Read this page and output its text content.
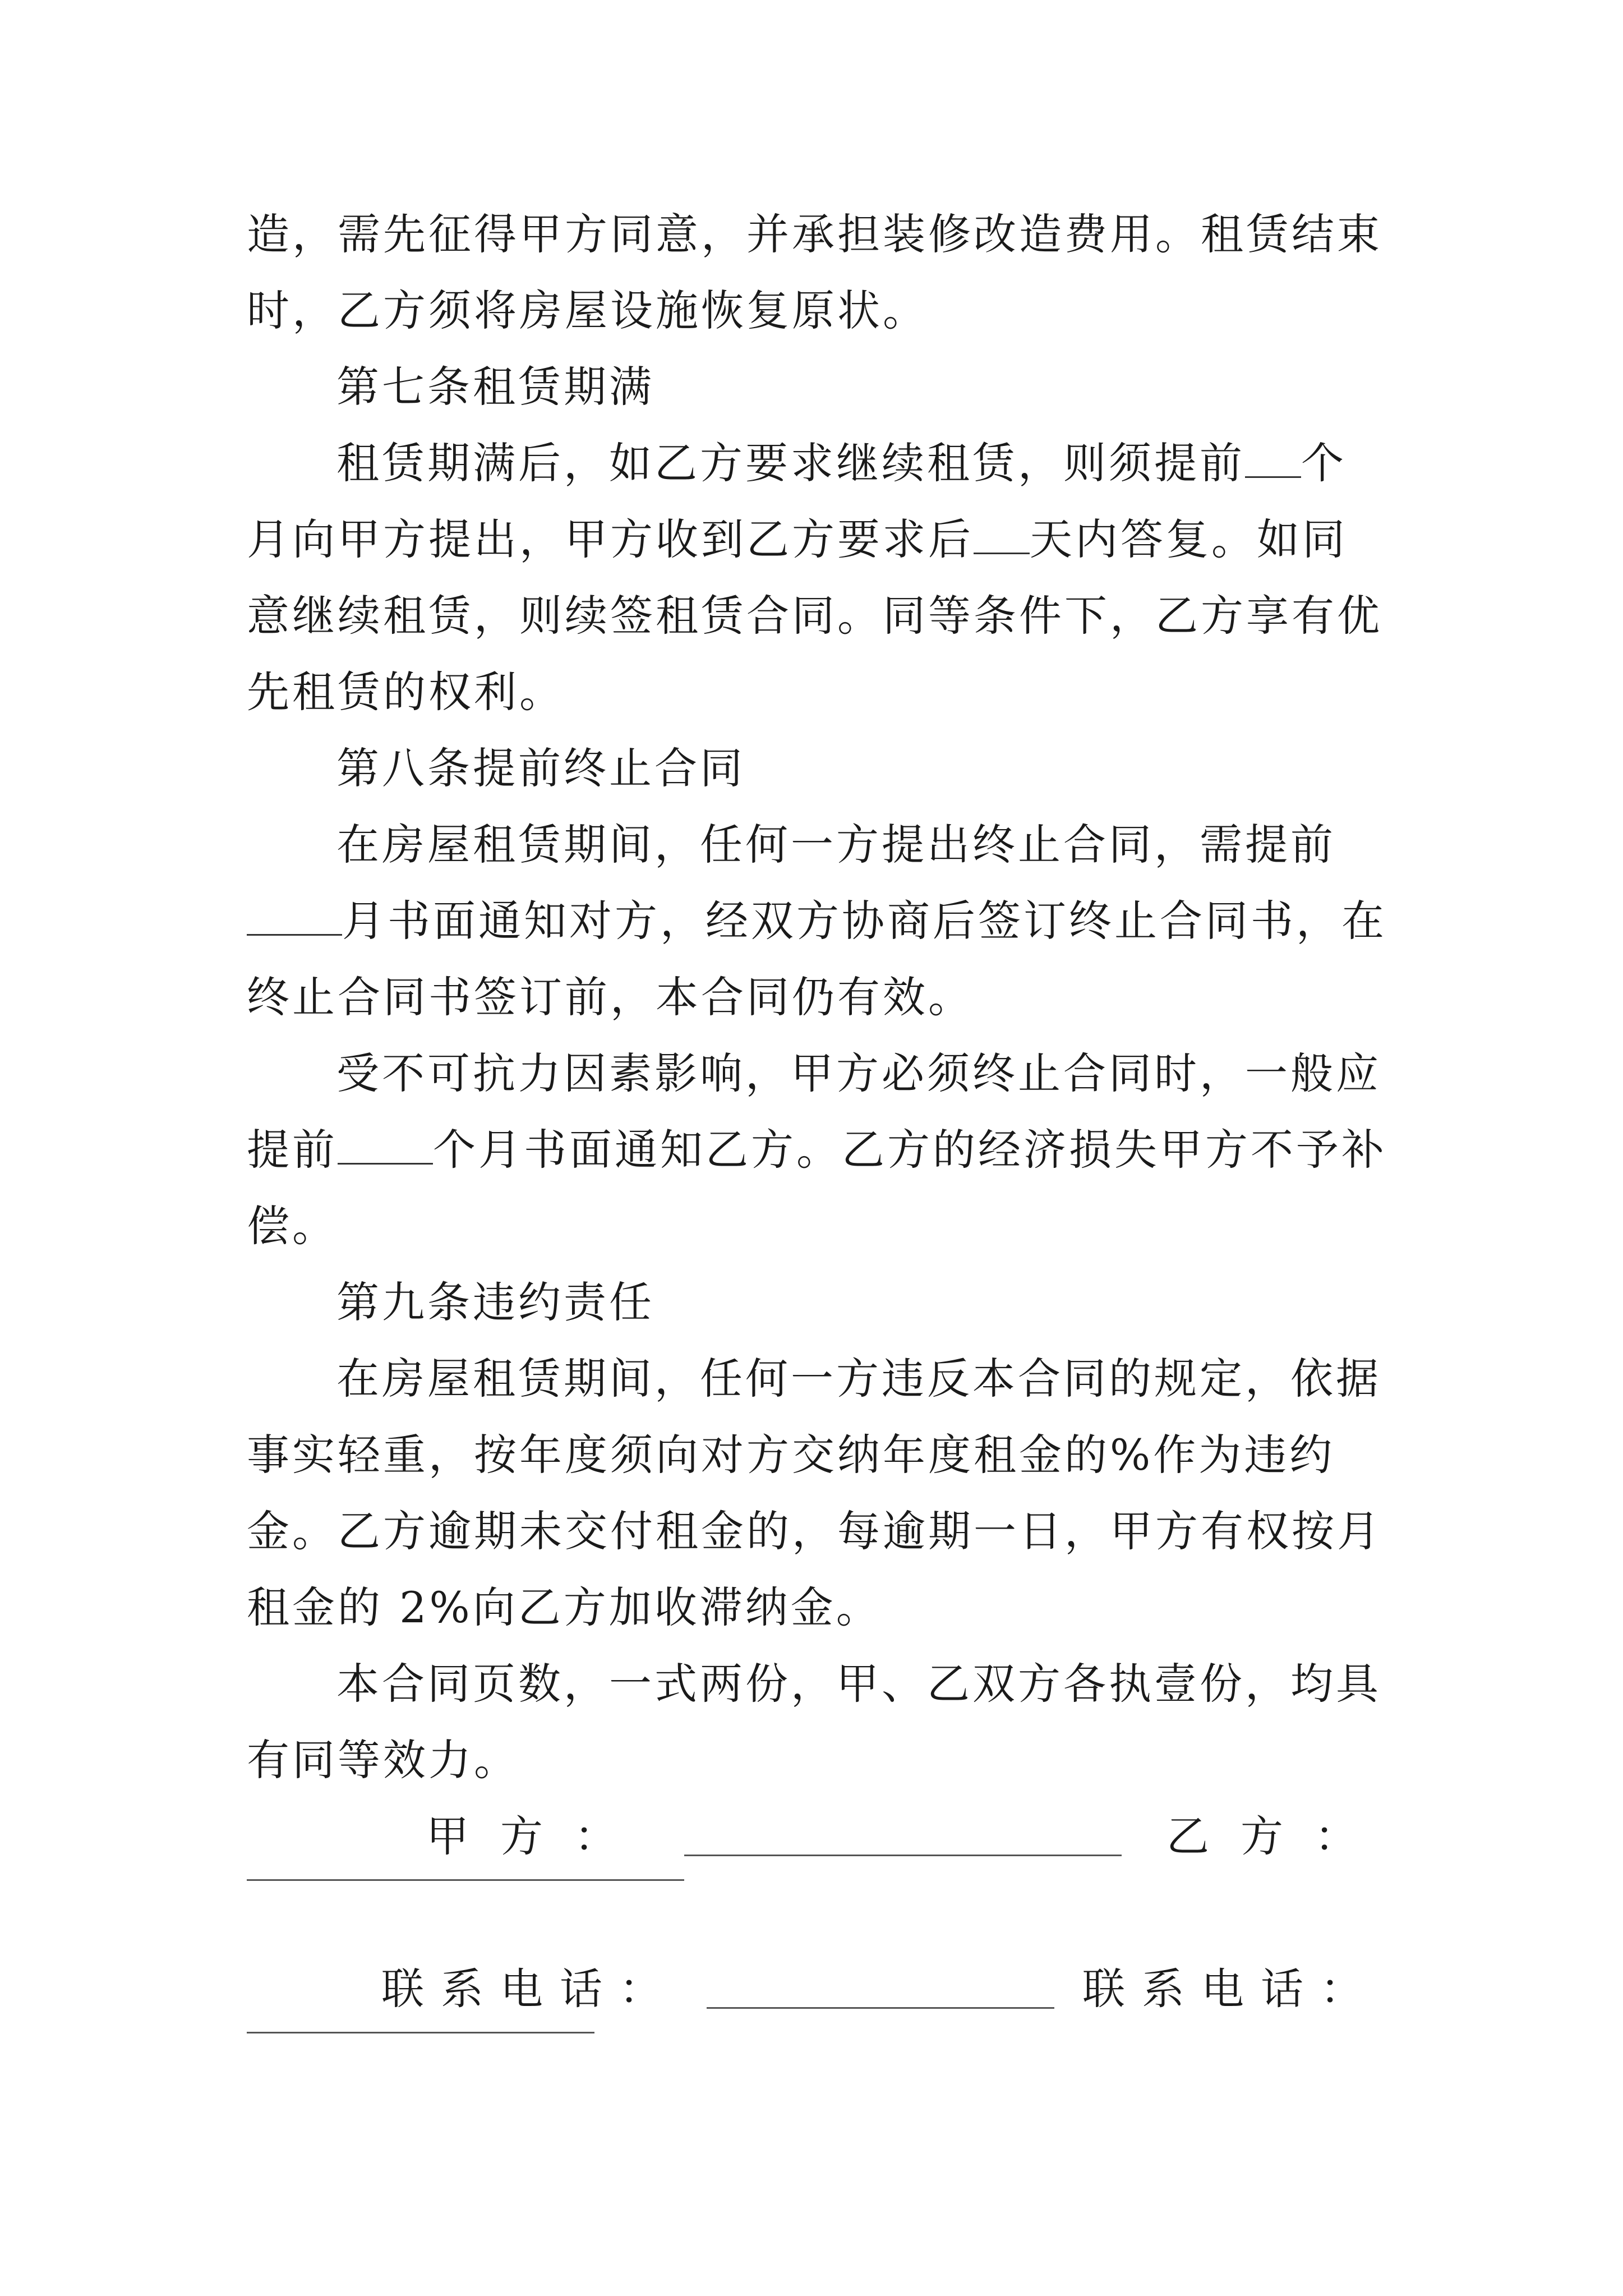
造，需先征得甲方同意，并承担装修改造费用。租赁结束时，乙方须将房屋设施恢复原状。

第七条租赁期满

租赁期满后，如乙方要求继续租赁，则须提前 个月向甲方提出，甲方收到乙方要求后 天内答复。如同意继续租赁，则续签租赁合同。同等条件下，乙方享有优先租赁的权利。

第八条提前终止合同

在房屋租赁期间，任何一方提出终止合同，需提前月书面通知对方，经双方协商后签订终止合同书，在终止合同书签订前，本合同仍有效。

受不可抗力因素影响，甲方必须终止合同时，一般应提前 个月书面通知乙方。乙方的经济损失甲方不予补偿。

第九条违约责任

在房屋租赁期间，任何一方违反本合同的规定，依据事实轻重，按年度须向对方交纳年度租金的%作为违约金。乙方逾期未交付租金的，每逾期一日，甲方有权按月租金的 2%向乙方加收滞纳金。

本合同页数，一式两份，甲、乙双方各执壹份，均具有同等效力。

甲方：	乙方：
联系电话：	联系电话：
